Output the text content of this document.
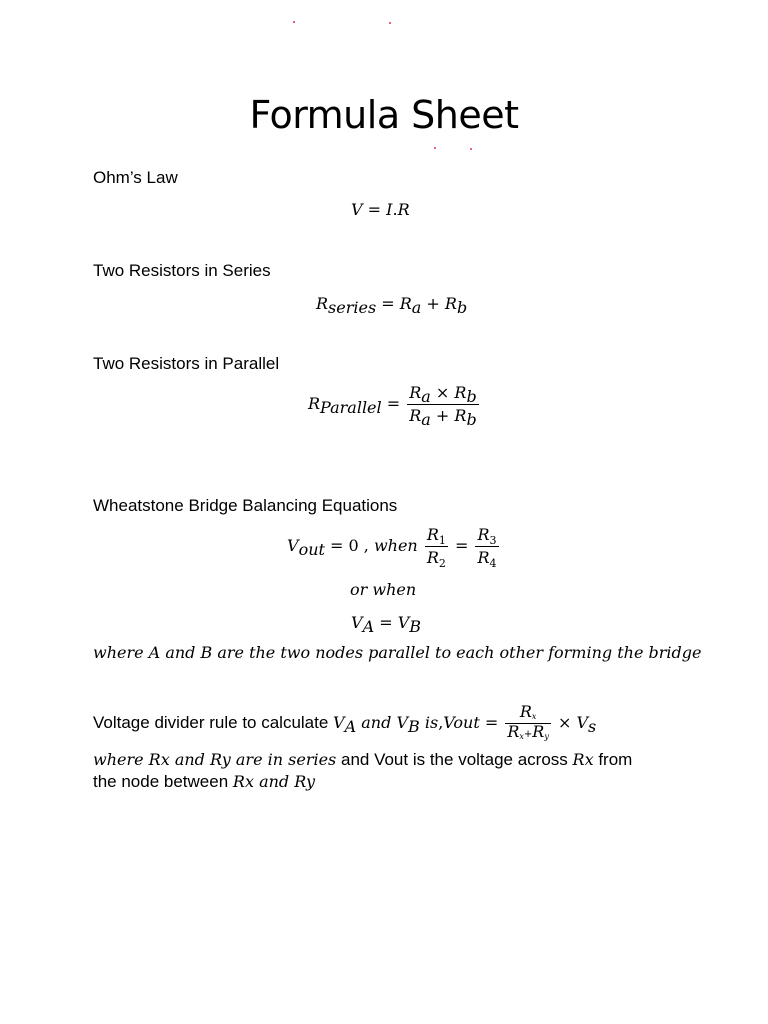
Formula Sheet
Ohm’s Law
V = I.R
Two Resistors in Series
$R_{series} = R_a + R_b$
Two Resistors in Parallel
$R_{Parallel} = \frac{R_a \times R_b}{R_a + R_b}$
Wheatstone Bridge Balancing Equations
$V_{out} = 0$ , when $\frac{R_1}{R_2} = \frac{R_3}{R_4}$
or when
$V_A = V_B$
where A and B are the two nodes parallel to each other forming the bridge
Voltage divider rule to calculate $V_A$ and $V_B$ is,Vout = $\frac{R_x}{R_x+R_y} \times V_s$
where Rx and Ry are in series and Vout is the voltage across Rx from
the node between Rx and Ry
